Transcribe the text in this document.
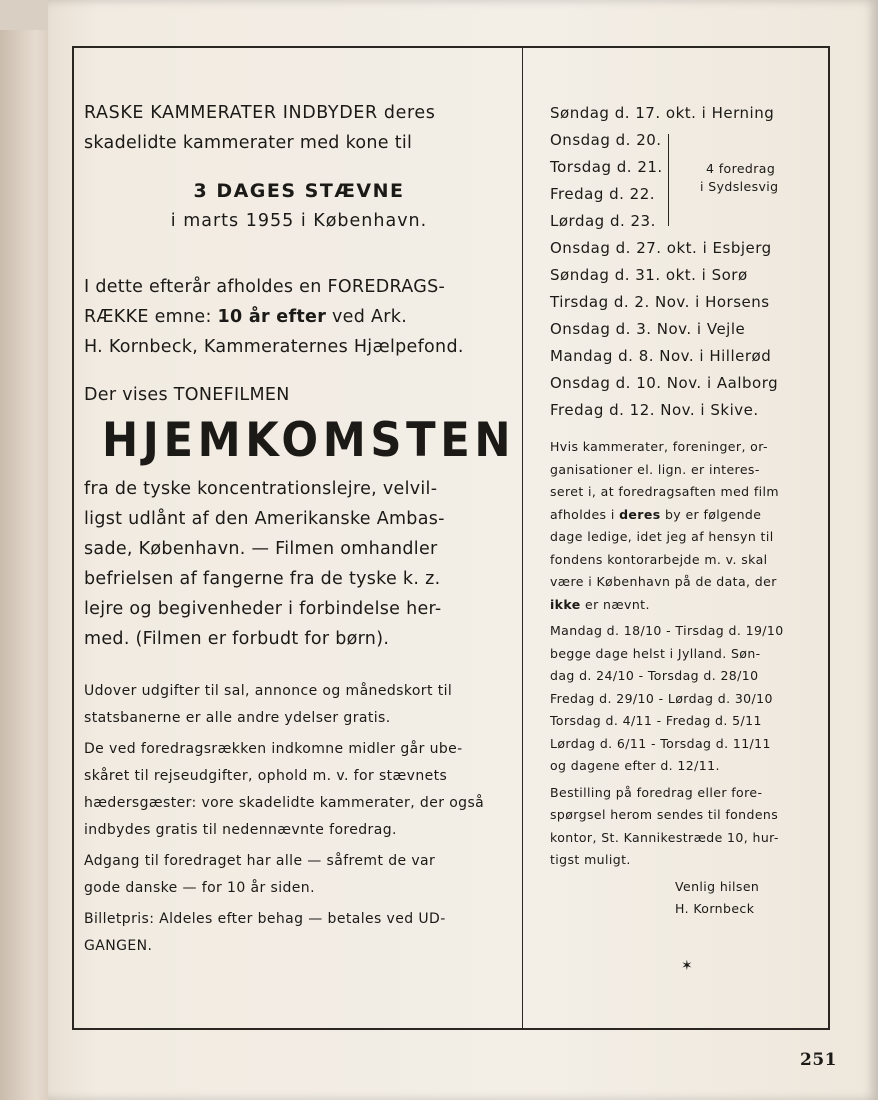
RASKE KAMMERATER INDBYDER deres

skadelidte kammerater med kone til

3 DAGES STÆVNE

i marts 1955 i København.

I dette efterår afholdes en FOREDRAGS-

RÆKKE emne: 10 år efter ved Ark.

H. Kornbeck, Kammeraternes Hjælpefond.

Der vises TONEFILMEN

HJEMKOMSTEN

fra de tyske koncentrationslejre, velvil-

ligst udlånt af den Amerikanske Ambas-

sade, København. — Filmen omhandler

befrielsen af fangerne fra de tyske k. z.

lejre og begivenheder i forbindelse her-

med. (Filmen er forbudt for børn).

Udover udgifter til sal, annonce og månedskort til
statsbanerne er alle andre ydelser gratis.
De ved foredragsrækken indkomne midler går ube-
skåret til rejseudgifter, ophold m. v. for stævnets
hædersgæster: vore skadelidte kammerater, der også
indbydes gratis til nedennævnte foredrag.
Adgang til foredraget har alle — såfremt de var
gode danske — for 10 år siden.
Billetpris: Aldeles efter behag — betales ved UD-
GANGEN.
Søndag d. 17. okt. i Herning
Onsdag d. 20.
Torsdag d. 21.
Fredag d. 22.
Lørdag d. 23.
Onsdag d. 27. okt. i Esbjerg
Søndag d. 31. okt. i Sorø
Tirsdag d. 2. Nov. i Horsens
Onsdag d. 3. Nov. i Vejle
Mandag d. 8. Nov. i Hillerød
Onsdag d. 10. Nov. i Aalborg
Fredag d. 12. Nov. i Skive.
Hvis kammerater, foreninger, or-
ganisationer el. lign. er interes-
seret i, at foredragsaften med film
afholdes i deres by er følgende
dage ledige, idet jeg af hensyn til
fondens kontorarbejde m. v. skal
være i København på de data, der
ikke er nævnt.
Mandag d. 18/10 - Tirsdag d. 19/10
begge dage helst i Jylland. Søn-
dag d. 24/10 - Torsdag d. 28/10
Fredag d. 29/10 - Lørdag d. 30/10
Torsdag d. 4/11 - Fredag d. 5/11
Lørdag d. 6/11 - Torsdag d. 11/11
og dagene efter d. 12/11.
Bestilling på foredrag eller fore-
spørgsel herom sendes til fondens
kontor, St. Kannikestræde 10, hur-
tigst muligt.
Venlig hilsen
H. Kornbeck
4 foredrag
i Sydslesvig
✶
251
